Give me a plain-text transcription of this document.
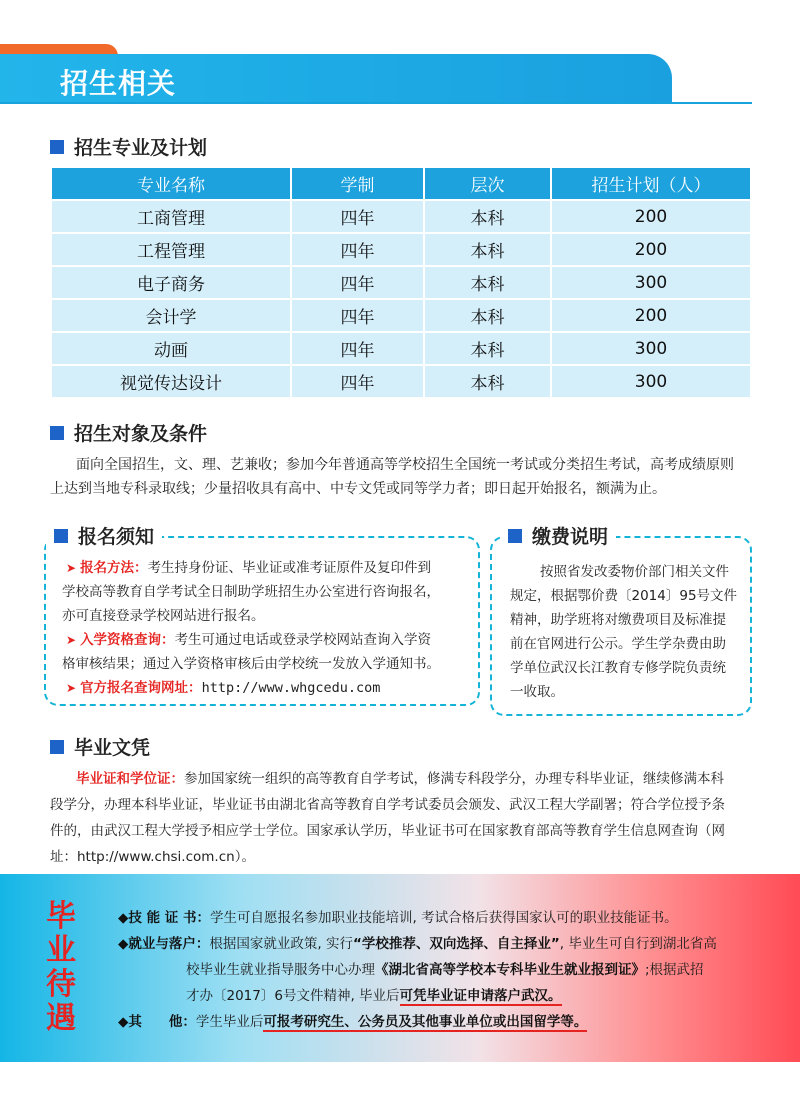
招生相关
招生专业及计划
专业名称	学制	层次	招生计划（人）
工商管理	四年	本科	200
工程管理	四年	本科	200
电子商务	四年	本科	300
会计学	四年	本科	200
动画	四年	本科	300
视觉传达设计	四年	本科	300
招生对象及条件
面向全国招生，文、理、艺兼收；参加今年普通高等学校招生全国统一考试或分类招生考试，高考成绩原则
上达到当地专科录取线；少量招收具有高中、中专文凭或同等学力者；即日起开始报名，额满为止。
报名须知
➤ 报名方法：考生持身份证、毕业证或准考证原件及复印件到
学校高等教育自学考试全日制助学班招生办公室进行咨询报名，
亦可直接登录学校网站进行报名。
➤ 入学资格查询：考生可通过电话或登录学校网站查询入学资
格审核结果；通过入学资格审核后由学校统一发放入学通知书。
➤ 官方报名查询网址：http://www.whgcedu.com
缴费说明
按照省发改委物价部门相关文件
规定，根据鄂价费〔2014〕95号文件
精神，助学班将对缴费项目及标准提
前在官网进行公示。学生学杂费由助
学单位武汉长江教育专修学院负责统
一收取。
毕业文凭
毕业证和学位证：参加国家统一组织的高等教育自学考试，修满专科段学分，办理专科毕业证，继续修满本科
段学分，办理本科毕业证，毕业证书由湖北省高等教育自学考试委员会颁发、武汉工程大学副署；符合学位授予条
件的，由武汉工程大学授予相应学士学位。国家承认学历，毕业证书可在国家教育部高等教育学生信息网查询（网
址：http://www.chsi.com.cn）。
毕
业
待
遇
◆技 能 证 书：学生可自愿报名参加职业技能培训, 考试合格后获得国家认可的职业技能证书。
◆就业与落户：根据国家就业政策, 实行“学校推荐、双向选择、自主择业”, 毕业生可自行到湖北省高
校毕业生就业指导服务中心办理《湖北省高等学校本专科毕业生就业报到证》;根据武招
才办〔2017〕6号文件精神, 毕业后可凭毕业证申请落户武汉。
◆其　　他：学生毕业后可报考研究生、公务员及其他事业单位或出国留学等。
